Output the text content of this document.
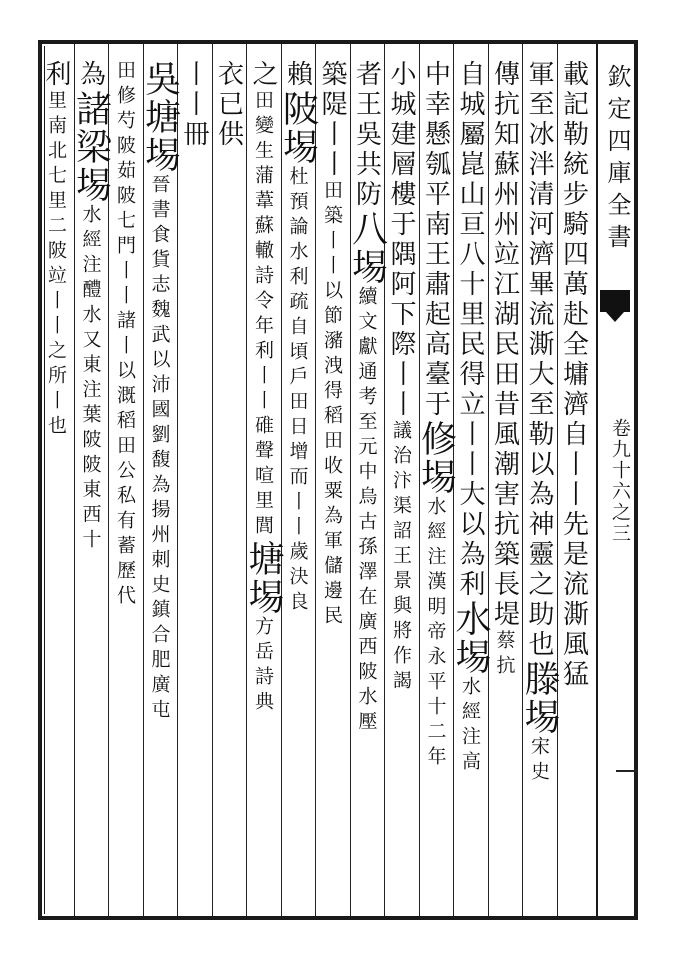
欽定四庫全書
卷九十六之三
載記勒統步騎四萬赴全墉濟自丨丨先是流澌風猛
軍至冰泮清河濟畢流澌大至勒以為神靈之助也滕埸宋史
傳抗知蘇州州竝江湖民田昔風潮害抗築長堤蔡抗
自城屬崑山亘八十里民得立丨丨大以為利水埸水經注高
中幸懸瓠平南王肅起高臺于修埸水經注漢明帝永平十二年
小城建層樓于隅阿下際丨丨議治汴渠詔王景與將作謁
者王吳共防八埸續文獻通考至元中烏古孫澤在廣西陂水壓
築隄丨丨田築丨丨以節瀦洩得稻田收粟為軍儲邊民
賴陂埸杜預論水利疏自頃戶田日增而丨丨歲決良
之田變生蒲葦蘇轍詩令年利丨丨碓聲喧里閭塘埸方岳詩典
衣已供
丨丨冊
吳塘埸晉書食貨志魏武以沛國劉馥為揚州刺史鎮合肥廣屯
田修芍陂茹陂七門丨丨諸丨以溉稻田公私有蓄歷代
為諸梁埸水經注醴水又東注葉陂陂東西十
利里南北七里二陂竝丨丨之所丨也
